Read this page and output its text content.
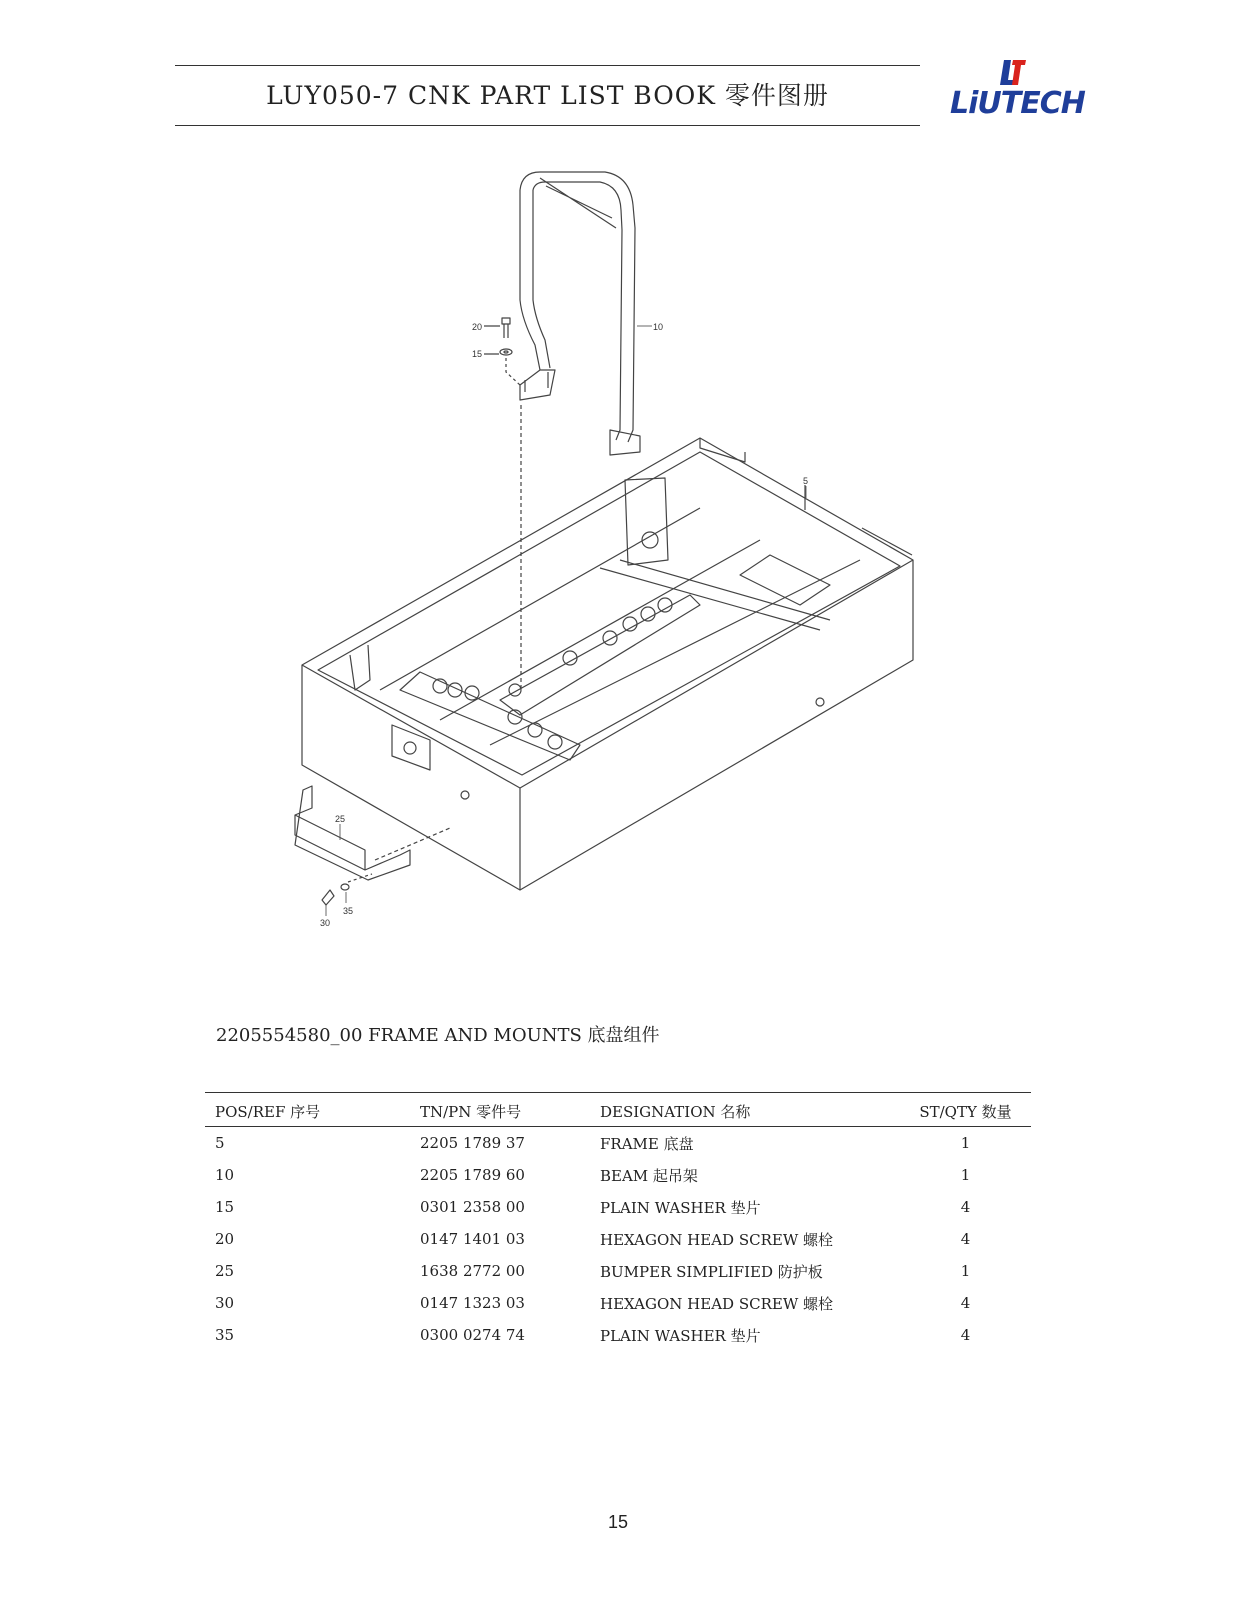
LUY050-7 CNK PART LIST BOOK 零件图册	LiUTECH
20
15
10
5
25
35
30
2205554580_00 FRAME AND MOUNTS 底盘组件
POS/REF 序号	TN/PN 零件号	DESIGNATION 名称	ST/QTY 数量
5	2205 1789 37	FRAME 底盘	1
10	2205 1789 60	BEAM 起吊架	1
15	0301 2358 00	PLAIN WASHER 垫片	4
20	0147 1401 03	HEXAGON HEAD SCREW 螺栓	4
25	1638 2772 00	BUMPER SIMPLIFIED 防护板	1
30	0147 1323 03	HEXAGON HEAD SCREW 螺栓	4
35	0300 0274 74	PLAIN WASHER 垫片	4
15
